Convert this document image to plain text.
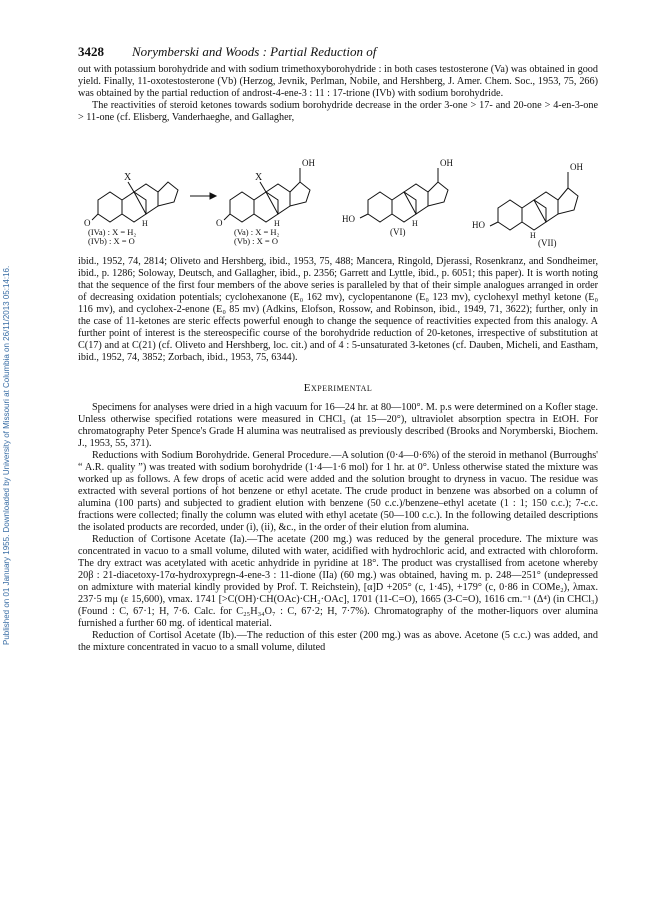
Published on 01 January 1955. Downloaded by University of Missouri at Columbia on 26/11/2013 05:14:16.
3428 Norymberski and Woods : Partial Reduction of

out with potassium borohydride and with sodium trimethoxyborohydride : in both cases testosterone (Va) was obtained in good yield. Finally, 11-oxotestosterone (Vb) (Herzog, Jevnik, Perlman, Nobile, and Hershberg, J. Amer. Chem. Soc., 1953, 75, 266) was obtained by the partial reduction of androst-4-ene-3 : 11 : 17-trione (IVb) with sodium borohydride.

The reactivities of steroid ketones towards sodium borohydride decrease in the order 3-one > 17- and 20-one > 4-en-3-one > 11-one (cf. Elisberg, Vanderhaeghe, and Gallagher,

X
O	H
X
OH
O	H
OH
HO	H
OH
HO
H
(VI)
(VII)
(IVa) : X = H₂
(IVb) : X = O
(Va) : X = H₂
(Vb) : X = O

ibid., 1952, 74, 2814; Oliveto and Hershberg, ibid., 1953, 75, 488; Mancera, Ringold, Djerassi, Rosenkranz, and Sondheimer, ibid., p. 1286; Soloway, Deutsch, and Gallagher, ibid., p. 2356; Garrett and Lyttle, ibid., p. 6051; this paper). It is worth noting that the sequence of the first four members of the above series is paralleled by that of their simple analogues arranged in order of decreasing oxidation potentials; cyclohexanone (E₀ 162 mv), cyclopentanone (E₀ 123 mv), cyclohexyl methyl ketone (E₀ 116 mv), and cyclohex-2-enone (E₀ 85 mv) (Adkins, Elofson, Rossow, and Robinson, ibid., 1949, 71, 3622); further, only in the case of 11-ketones are steric effects powerful enough to change the sequence of reactivities expected from this analogy. A further point of interest is the stereospecific course of the borohydride reduction of 20-ketones, irrespective of substitution at C(17) and at C(21) (cf. Oliveto and Hershberg, loc. cit.) and of 4 : 5-unsaturated 3-ketones (cf. Dauben, Micheli, and Eastham, ibid., 1952, 74, 3852; Zorbach, ibid., 1953, 75, 6344).

Experimental

Specimens for analyses were dried in a high vacuum for 16—24 hr. at 80—100°. M. p.s were determined on a Kofler stage. Unless otherwise specified rotations were measured in CHCl₃ (at 15—20°), ultraviolet absorption spectra in EtOH. For chromatography Peter Spence's Grade H alumina was neutralised as previously described (Brooks and Norymberski, Biochem. J., 1953, 55, 371).

Reductions with Sodium Borohydride. General Procedure.—A solution (0·4—0·6%) of the steroid in methanol (Burroughs' “ A.R. quality ”) was treated with sodium borohydride (1·4—1·6 mol) for 1 hr. at 0°. Unless otherwise stated the mixture was worked up as follows. A few drops of acetic acid were added and the solution brought to dryness in vacuo. The residue was extracted with several portions of hot benzene or ethyl acetate. The crude product in benzene was absorbed on a column of alumina (100 parts) and subjected to gradient elution with benzene (50 c.c.)/benzene–ethyl acetate (1 : 1; 150 c.c.); 7-c.c. fractions were collected; finally the column was eluted with ethyl acetate (50—100 c.c.). In the following detailed descriptions the isolated products are recorded, under (i), (ii), &c., in the order of their elution from alumina.

Reduction of Cortisone Acetate (Ia).—The acetate (200 mg.) was reduced by the general procedure. The mixture was concentrated in vacuo to a small volume, diluted with water, acidified with hydrochloric acid, and extracted with chloroform. The dry extract was acetylated with acetic anhydride in pyridine at 18°. The product was crystallised from acetone whereby 20β : 21-diacetoxy-17α-hydroxypregn-4-ene-3 : 11-dione (IIa) (60 mg.) was obtained, having m. p. 248—251° (undepressed on admixture with material kindly provided by Prof. T. Reichstein), [α]D +205° (c, 1·45), +179° (c, 0·86 in COMe₂), λmax. 237·5 mμ (ε 15,600), νmax. 1741 [>C(OH)·CH(OAc)·CH₂·OAc], 1701 (11-C=O), 1665 (3-C=O), 1616 cm.⁻¹ (Δ⁴) (in CHCl₃) (Found : C, 67·1; H, 7·6. Calc. for C₂₅H₃₄O₇ : C, 67·2; H, 7·7%). Chromatography of the mother-liquors over alumina furnished a further 60 mg. of identical material.

Reduction of Cortisol Acetate (Ib).—The reduction of this ester (200 mg.) was as above. Acetone (5 c.c.) was added, and the mixture concentrated in vacuo to a small volume, diluted
